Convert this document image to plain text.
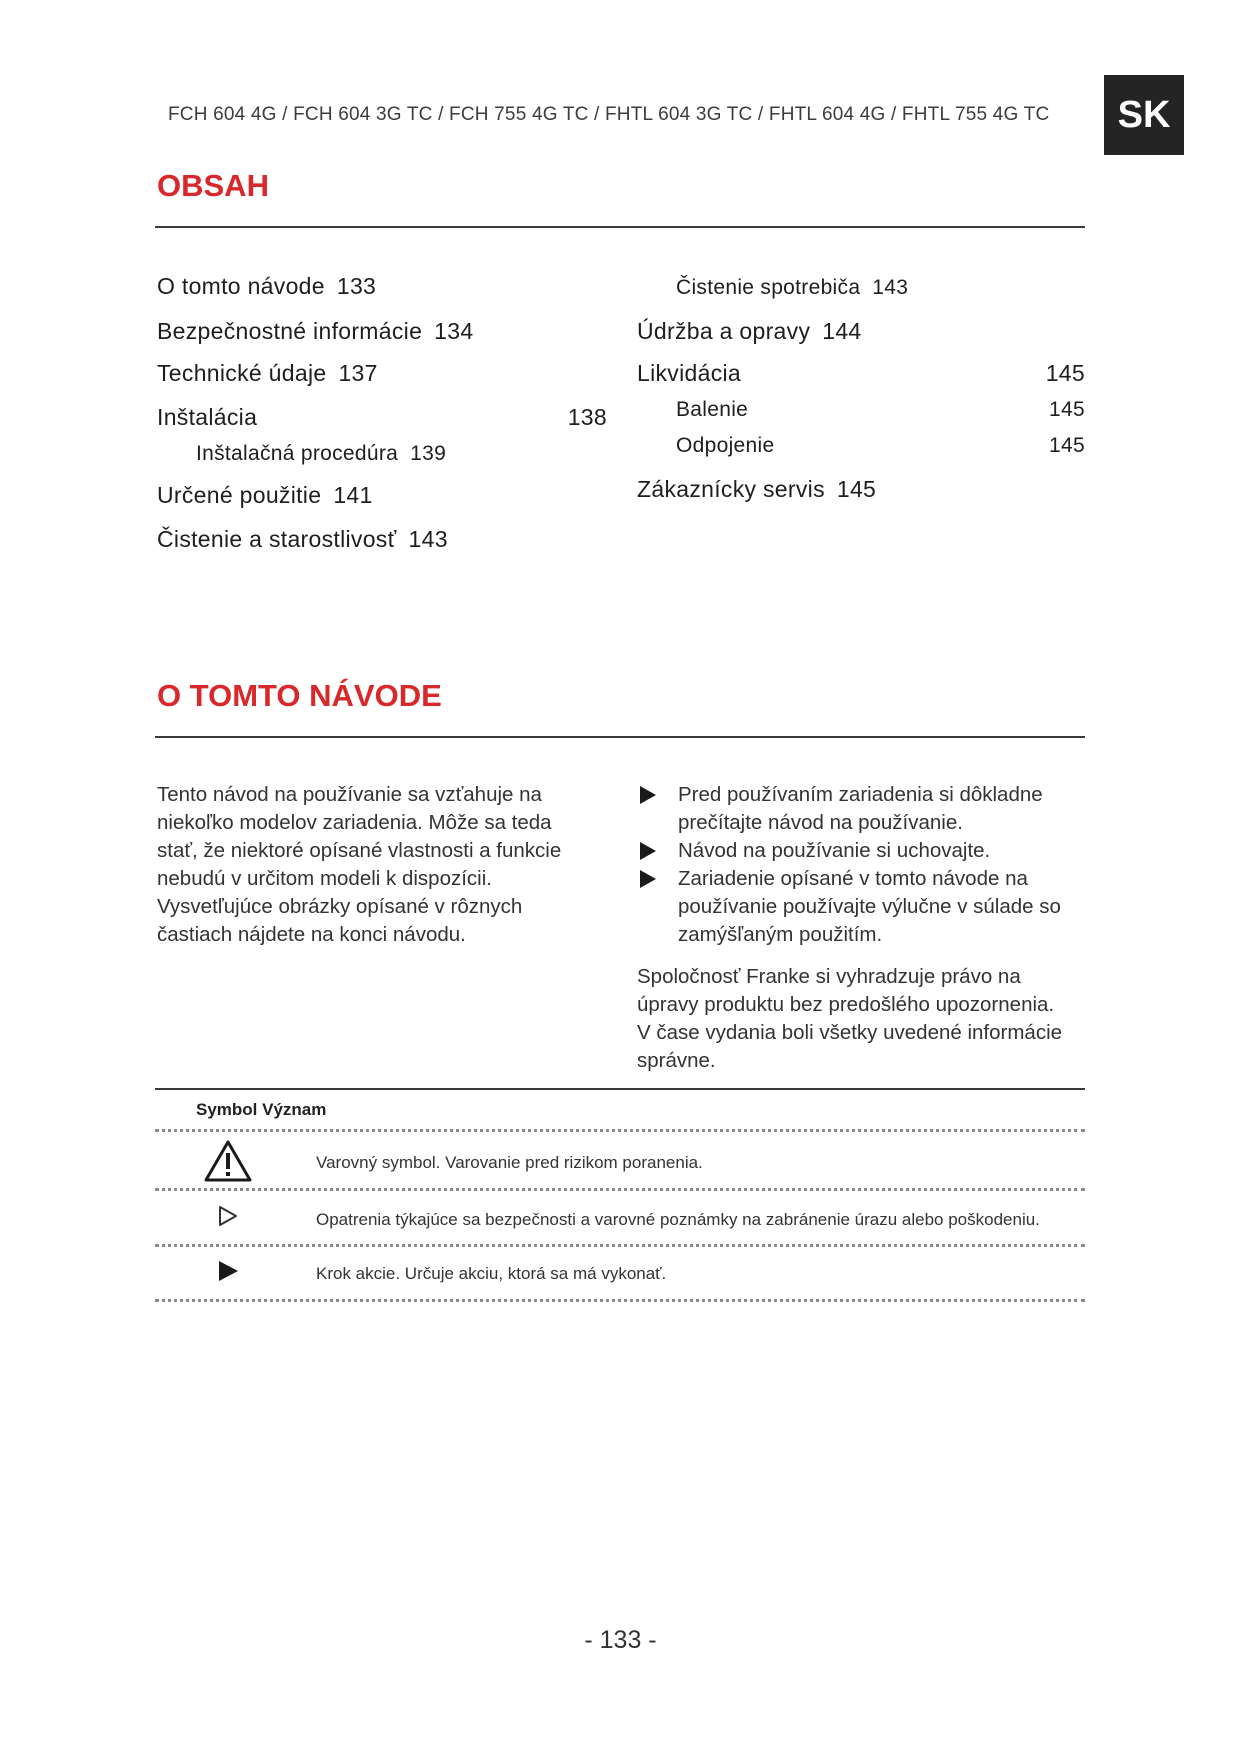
FCH 604 4G / FCH 604 3G TC / FCH 755 4G TC / FHTL 604 3G TC / FHTL 604 4G / FHTL 755 4G TC	SK
OBSAH
O tomto návode 133
Bezpečnostné informácie 134
Technické údaje 137
Inštalácia	138
Inštalačná procedúra 139
Určené použitie 141
Čistenie a starostlivosť 143
Čistenie spotrebiča 143
Údržba a opravy 144
Likvidácia	145
Balenie	145
Odpojenie	145
Zákaznícky servis 145
O TOMTO NÁVODE
Tento návod na používanie sa vzťahuje na
niekoľko modelov zariadenia. Môže sa teda
stať, že niektoré opísané vlastnosti a funkcie
nebudú v určitom modeli k dispozícii.
Vysvetľujúce obrázky opísané v rôznych
častiach nájdete na konci návodu.
Pred používaním zariadenia si dôkladne
prečítajte návod na používanie.
Návod na používanie si uchovajte.
Zariadenie opísané v tomto návode na
používanie používajte výlučne v súlade so
zamýšľaným použitím.
Spoločnosť Franke si vyhradzuje právo na
úpravy produktu bez predošlého upozornenia.
V čase vydania boli všetky uvedené informácie
správne.
Symbol Význam
Varovný symbol. Varovanie pred rizikom poranenia.
Opatrenia týkajúce sa bezpečnosti a varovné poznámky na zabránenie úrazu alebo poškodeniu.
Krok akcie. Určuje akciu, ktorá sa má vykonať.
- 133 -
